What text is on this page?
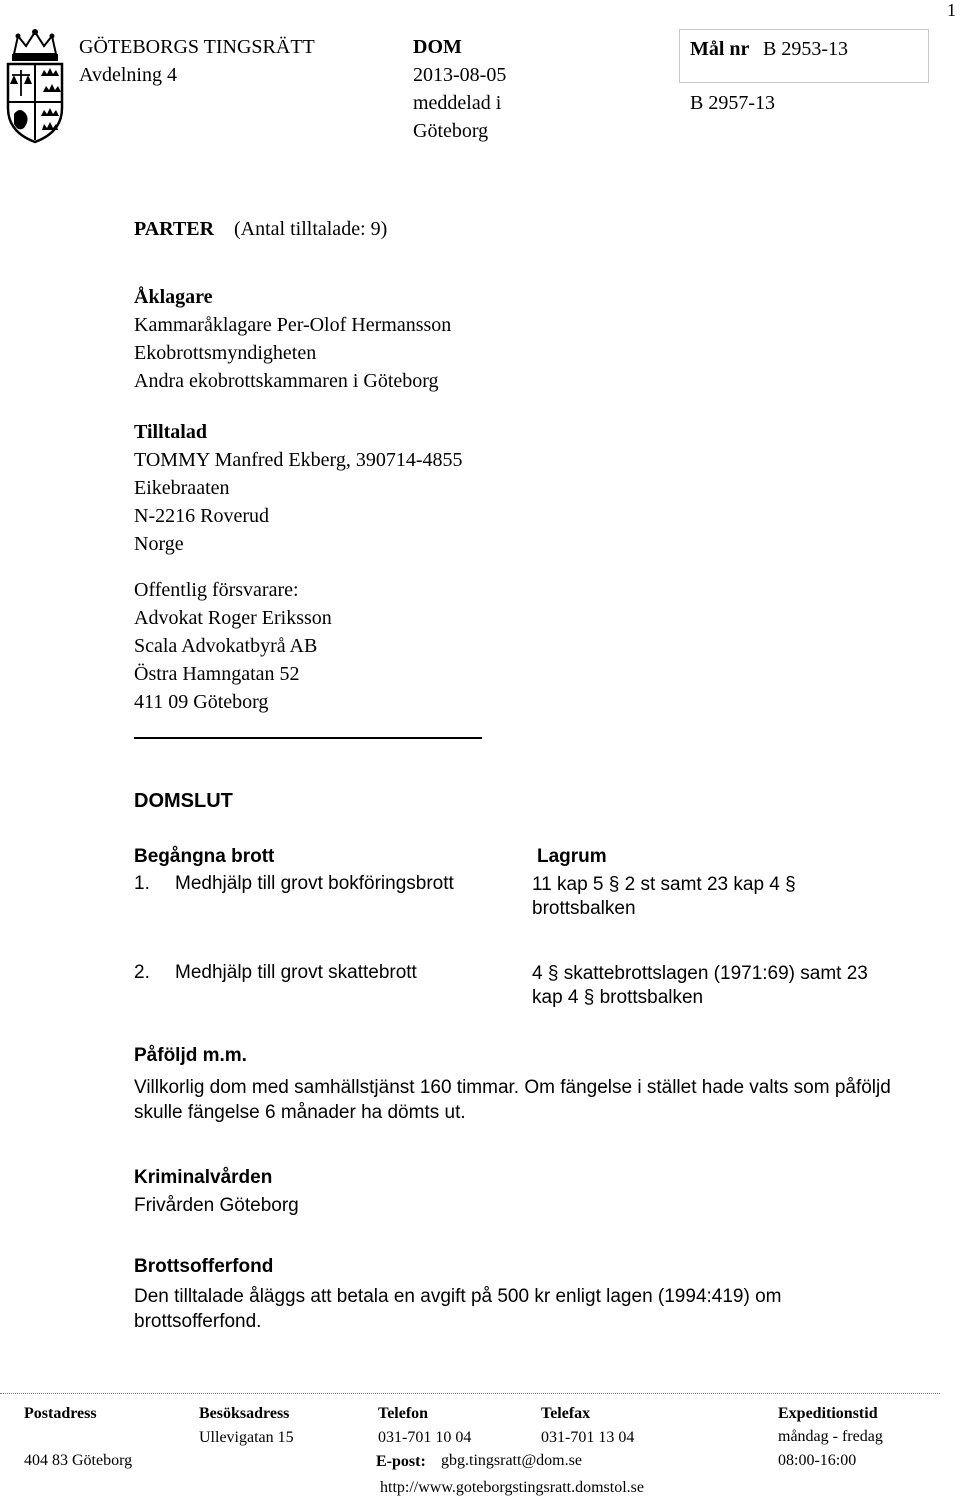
1
GÖTEBORGS TINGSRÄTT
Avdelning 4
DOM
2013-08-05
meddelad i
Göteborg
Mål nr B 2953-13
B 2957-13
PARTER (Antal tilltalade: 9)
Åklagare
Kammaråklagare Per-Olof Hermansson
Ekobrottsmyndigheten
Andra ekobrottskammaren i Göteborg
Tilltalad
TOMMY Manfred Ekberg, 390714-4855
Eikebraaten
N-2216 Roverud
Norge
Offentlig försvarare:
Advokat Roger Eriksson
Scala Advokatbyrå AB
Östra Hamngatan 52
411 09 Göteborg
DOMSLUT
Begångna brott	Lagrum
1. Medhjälp till grovt bokföringsbrott	11 kap 5 § 2 st samt 23 kap 4 § brottsbalken
2. Medhjälp till grovt skattebrott	4 § skattebrottslagen (1971:69) samt 23 kap 4 § brottsbalken
Påföljd m.m.
Villkorlig dom med samhällstjänst 160 timmar. Om fängelse i stället hade valts som påföljd skulle fängelse 6 månader ha dömts ut.
Kriminalvården
Frivården Göteborg
Brottsofferfond
Den tilltalade åläggs att betala en avgift på 500 kr enligt lagen (1994:419) om brottsofferfond.
Postadress
404 83 Göteborg
Besöksadress
Ullevigatan 15
Telefon
031-701 10 04
E-post: gbg.tingsratt@dom.se
http://www.goteborgstingsratt.domstol.se
Telefax
031-701 13 04
Expeditionstid
måndag - fredag
08:00-16:00
